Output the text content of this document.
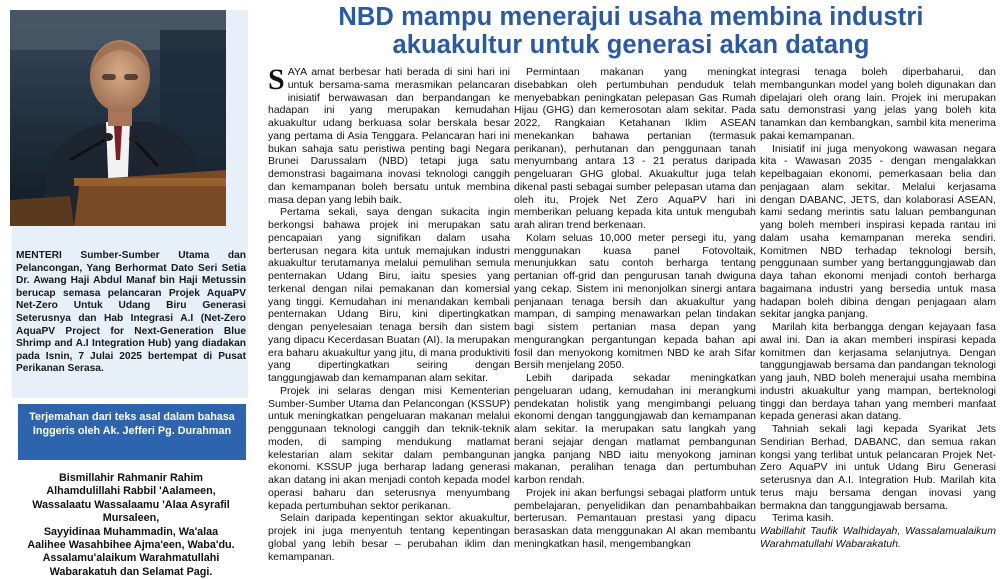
MENTERI Sumber-Sumber Utama dan Pelancongan, Yang Berhormat Dato Seri Setia Dr. Awang Haji Abdul Manaf bin Haji Metussin berucap semasa pelancaran Projek AquaPV Net-Zero Untuk Udang Biru Generasi Seterusnya dan Hab Integrasi A.I (Net-Zero AquaPV Project for Next-Generation Blue Shrimp and A.I Integration Hub) yang diadakan pada Isnin, 7 Julai 2025 bertempat di Pusat Perikanan Serasa.
Terjemahan dari teks asal dalam bahasa Inggeris oleh Ak. Jefferi Pg. Durahman
Bismillahir Rahmanir Rahim
Alhamdulillahi Rabbil 'Aalameen,
Wassalaatu Wassalaamu 'Alaa Asyrafil
Mursaleen,
Sayyidinaa Muhammadin, Wa'alaa
Aalihee Wasahbihee Ajma'een, Waba'du.
Assalamu'alaikum Warahmatullahi
Wabarakatuh dan Selamat Pagi.
NBD mampu menerajui usaha membina industri
akuakultur untuk generasi akan datang

SAYA amat berbesar hati berada di sini hari ini untuk bersama-sama merasmikan pelancaran inisiatif berwawasan dan berpandangan ke hadapan ini yang merupakan kemudahan akuakultur udang berkuasa solar berskala besar yang pertama di Asia Tenggara. Pelancaran hari ini bukan sahaja satu peristiwa penting bagi Negara Brunei Darussalam (NBD) tetapi juga satu demonstrasi bagaimana inovasi teknologi canggih dan kemampanan boleh bersatu untuk membina masa depan yang lebih baik.

Pertama sekali, saya dengan sukacita ingin berkongsi bahawa projek ini merupakan satu pencapaian yang signifikan dalam usaha berterusan negara kita untuk memajukan industri akuakultur terutamanya melalui pemulihan semula penternakan Udang Biru, iaitu spesies yang terkenal dengan nilai pemakanan dan komersial yang tinggi. Kemudahan ini menandakan kembali penternakan Udang Biru, kini dipertingkatkan dengan penyelesaian tenaga bersih dan sistem yang dipacu Kecerdasan Buatan (AI). Ia merupakan era baharu akuakultur yang jitu, di mana produktiviti yang dipertingkatkan seiring dengan tanggungjawab dan kemampanan alam sekitar.

Projek ini selaras dengan misi Kementerian Sumber-Sumber Utama dan Pelancongan (KSSUP) untuk meningkatkan pengeluaran makanan melalui penggunaan teknologi canggih dan teknik-teknik moden, di samping mendukung matlamat kelestarian alam sekitar dalam pembangunan ekonomi. KSSUP juga berharap ladang generasi akan datang ini akan menjadi contoh kepada model operasi baharu dan seterusnya menyumbang kepada pertumbuhan sektor perikanan.

Selain daripada kepentingan sektor akuakultur, projek ini juga menyentuh tentang kepentingan global yang lebih besar – perubahan iklim dan kemampanan.

Permintaan makanan yang meningkat disebabkan oleh pertumbuhan penduduk telah menyebabkan peningkatan pelepasan Gas Rumah Hijau (GHG) dan kemerosotan alam sekitar. Pada 2022, Rangkaian Ketahanan Iklim ASEAN menekankan bahawa pertanian (termasuk perikanan), perhutanan dan penggunaan tanah menyumbang antara 13 - 21 peratus daripada pengeluaran GHG global. Akuakultur juga telah dikenal pasti sebagai sumber pelepasan utama dan oleh itu, Projek Net Zero AquaPV hari ini memberikan peluang kepada kita untuk mengubah arah aliran trend berkenaan.

Kolam seluas 10,000 meter persegi itu, yang menggunakan kuasa panel Fotovoltaik, menunjukkan satu contoh berharga tentang pertanian off-grid dan pengurusan tanah dwiguna yang cekap. Sistem ini menonjolkan sinergi antara penjanaan tenaga bersih dan akuakultur yang mampan, di samping menawarkan pelan tindakan bagi sistem pertanian masa depan yang mengurangkan pergantungan kepada bahan api fosil dan menyokong komitmen NBD ke arah Sifar Bersih menjelang 2050.

Lebih daripada sekadar meningkatkan pengeluaran udang, kemudahan ini merangkumi pendekatan holistik yang mengimbangi peluang ekonomi dengan tanggungjawab dan kemampanan alam sekitar. Ia merupakan satu langkah yang berani sejajar dengan matlamat pembangunan jangka panjang NBD iaitu menyokong jaminan makanan, peralihan tenaga dan pertumbuhan karbon rendah.

Projek ini akan berfungsi sebagai platform untuk pembelajaran, penyelidikan dan penambahbaikan berterusan. Pemantauan prestasi yang dipacu berasaskan data menggunakan AI akan membantu meningkatkan hasil, mengembangkan

integrasi tenaga boleh diperbaharui, dan membangunkan model yang boleh digunakan dan dipelajari oleh orang lain. Projek ini merupakan satu demonstrasi yang jelas yang boleh kita tanamkan dan kembangkan, sambil kita menerima pakai kemampanan.

Inisiatif ini juga menyokong wawasan negara kita - Wawasan 2035 - dengan mengalakkan kepelbagaian ekonomi, pemerkasaan belia dan penjagaan alam sekitar. Melalui kerjasama dengan DABANC, JETS, dan kolaborasi ASEAN, kami sedang merintis satu laluan pembangunan yang boleh memberi inspirasi kepada rantau ini dalam usaha kemampanan mereka sendiri. Komitmen NBD terhadap teknologi bersih, penggunaan sumber yang bertanggungjawab dan daya tahan ekonomi menjadi contoh berharga bagaimana industri yang bersedia untuk masa hadapan boleh dibina dengan penjagaan alam sekitar jangka panjang.

Marilah kita berbangga dengan kejayaan fasa awal ini. Dan ia akan memberi inspirasi kepada komitmen dan kerjasama selanjutnya. Dengan tanggungjawab bersama dan pandangan teknologi yang jauh, NBD boleh menerajui usaha membina industri akuakultur yang mampan, berteknologi tinggi dan berdaya tahan yang memberi manfaat kepada generasi akan datang.

Tahniah sekali lagi kepada Syarikat Jets Sendirian Berhad, DABANC, dan semua rakan kongsi yang terlibat untuk pelancaran Projek Net-Zero AquaPV ini untuk Udang Biru Generasi seterusnya dan A.I. Integration Hub. Marilah kita terus maju bersama dengan inovasi yang bermakna dan tanggungjawab bersama.

Terima kasih.

Wabillahit Taufik Walhidayah, Wassalamualaikum Warahmatullahi Wabarakatuh.
